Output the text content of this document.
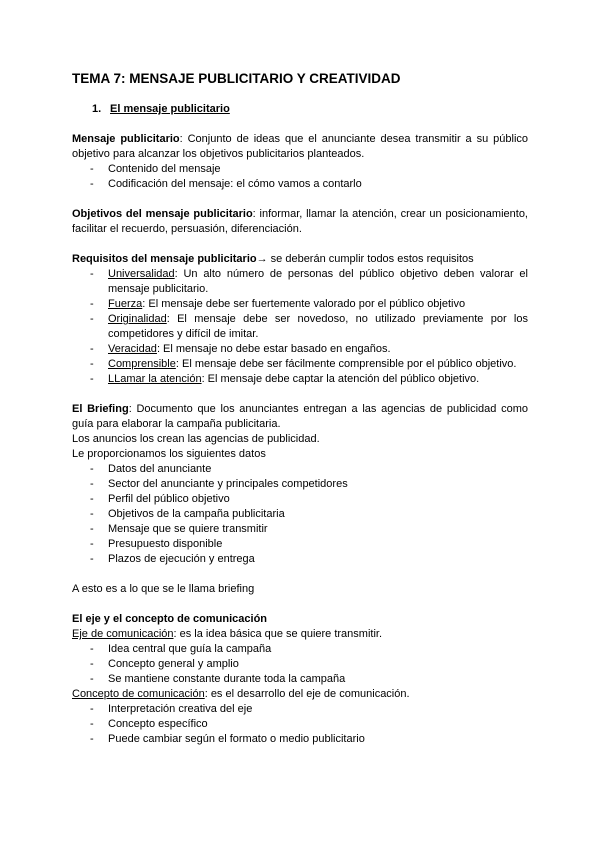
TEMA 7: MENSAJE PUBLICITARIO Y CREATIVIDAD
1. El mensaje publicitario

Mensaje publicitario: Conjunto de ideas que el anunciante desea transmitir a su público objetivo para alcanzar los objetivos publicitarios planteados.

- Contenido del mensaje
- Codificación del mensaje: el cómo vamos a contarlo

Objetivos del mensaje publicitario: informar, llamar la atención, crear un posicionamiento, facilitar el recuerdo, persuasión, diferenciación.

Requisitos del mensaje publicitario→ se deberán cumplir todos estos requisitos

- Universalidad: Un alto número de personas del público objetivo deben valorar el mensaje publicitario.
- Fuerza: El mensaje debe ser fuertemente valorado por el público objetivo
- Originalidad: El mensaje debe ser novedoso, no utilizado previamente por los competidores y difícil de imitar.
- Veracidad: El mensaje no debe estar basado en engaños.
- Comprensible: El mensaje debe ser fácilmente comprensible por el público objetivo.
- LLamar la atención: El mensaje debe captar la atención del público objetivo.

El Briefing: Documento que los anunciantes entregan a las agencias de publicidad como guía para elaborar la campaña publicitaria.

Los anuncios los crean las agencias de publicidad.

Le proporcionamos los siguientes datos

- Datos del anunciante
- Sector del anunciante y principales competidores
- Perfil del público objetivo
- Objetivos de la campaña publicitaria
- Mensaje que se quiere transmitir
- Presupuesto disponible
- Plazos de ejecución y entrega

A esto es a lo que se le llama briefing

El eje y el concepto de comunicación

Eje de comunicación: es la idea básica que se quiere transmitir.

- Idea central que guía la campaña
- Concepto general y amplio
- Se mantiene constante durante toda la campaña

Concepto de comunicación: es el desarrollo del eje de comunicación.

- Interpretación creativa del eje
- Concepto específico
- Puede cambiar según el formato o medio publicitario
